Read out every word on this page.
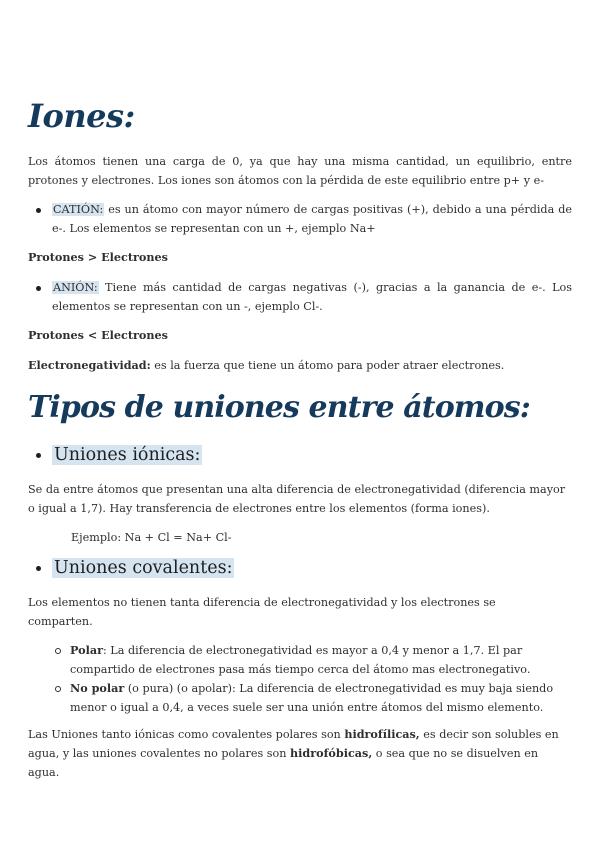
Iones:

Los átomos tienen una carga de 0, ya que hay una misma cantidad, un equilibrio, entre protones y electrones. Los iones son átomos con la pérdida de este equilibrio entre p+ y e-

CATIÓN: es un átomo con mayor número de cargas positivas (+), debido a una pérdida de e-. Los elementos se representan con un +, ejemplo Na+

Protones > Electrones

ANIÓN: Tiene más cantidad de cargas negativas (-), gracias a la ganancia de e-. Los elementos se representan con un -, ejemplo Cl-.

Protones < Electrones

Electronegatividad: es la fuerza que tiene un átomo para poder atraer electrones.

Tipos de uniones entre átomos:
Uniones iónicas:

Se da entre átomos que presentan una alta diferencia de electronegatividad (diferencia mayor o igual a 1,7). Hay transferencia de electrones entre los elementos (forma iones).

Ejemplo: Na + Cl = Na+ Cl-
Uniones covalentes:

Los elementos no tienen tanta diferencia de electronegatividad y los electrones se comparten.

Polar: La diferencia de electronegatividad es mayor a 0,4 y menor a 1,7. El par compartido de electrones pasa más tiempo cerca del átomo mas electronegativo.
No polar (o pura) (o apolar): La diferencia de electronegatividad es muy baja siendo menor o igual a 0,4, a veces suele ser una unión entre átomos del mismo elemento.

Las Uniones tanto iónicas como covalentes polares son hidrofílicas, es decir son solubles en agua, y las uniones covalentes no polares son hidrofóbicas, o sea que no se disuelven en agua.
